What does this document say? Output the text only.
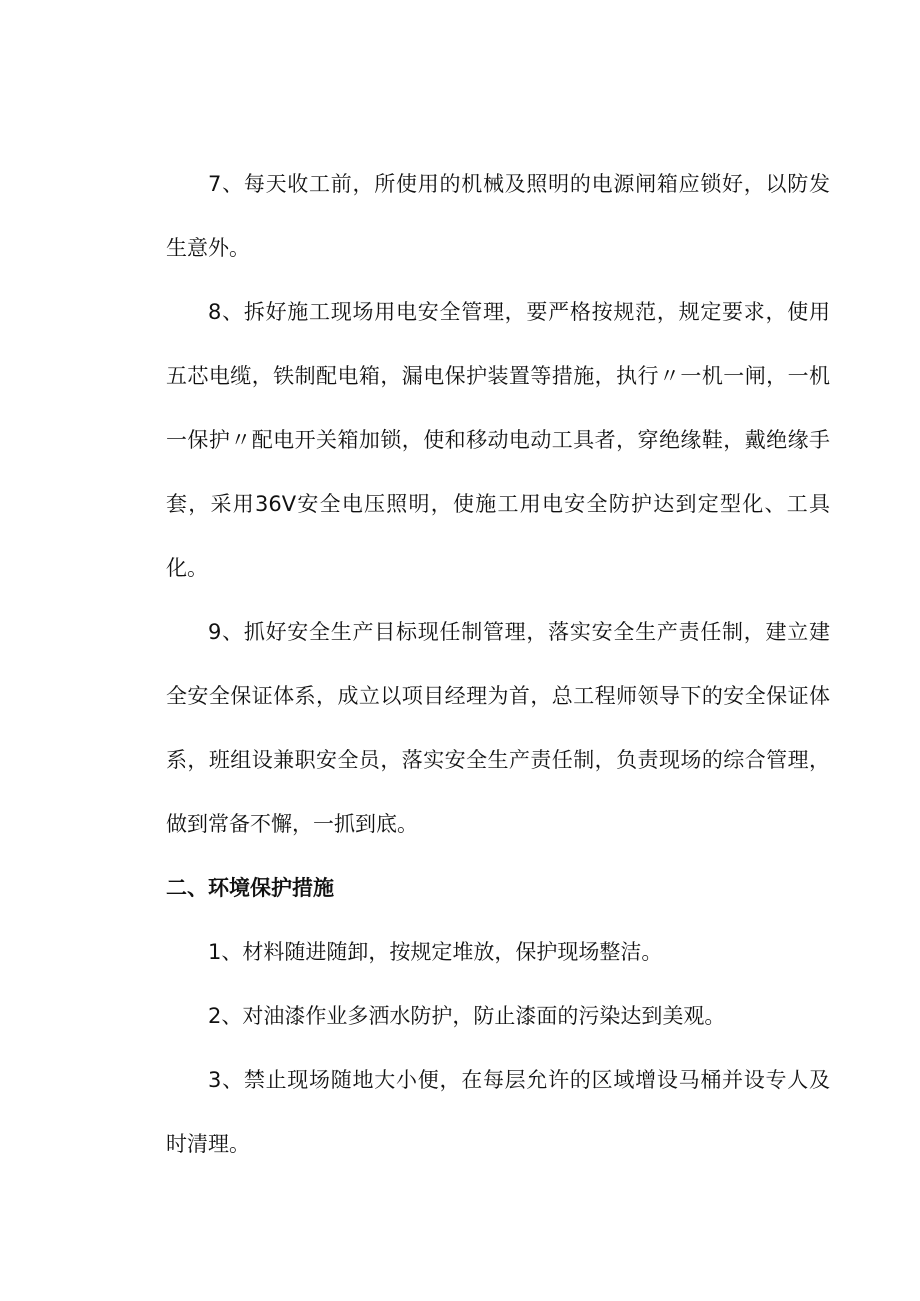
7、每天收工前，所使用的机械及照明的电源闸箱应锁好，以防发生意外。

8、拆好施工现场用电安全管理，要严格按规范，规定要求，使用五芯电缆，铁制配电箱，漏电保护装置等措施，执行〃一机一闸，一机一保护〃配电开关箱加锁，使和移动电动工具者，穿绝缘鞋，戴绝缘手套，采用36V安全电压照明，使施工用电安全防护达到定型化、工具化。

9、抓好安全生产目标现任制管理，落实安全生产责任制，建立建全安全保证体系，成立以项目经理为首，总工程师领导下的安全保证体系，班组设兼职安全员，落实安全生产责任制，负责现场的综合管理，做到常备不懈，一抓到底。

二、环境保护措施

1、材料随进随卸，按规定堆放，保护现场整洁。

2、对油漆作业多洒水防护，防止漆面的污染达到美观。

3、禁止现场随地大小便，在每层允许的区域增设马桶并设专人及时清理。
